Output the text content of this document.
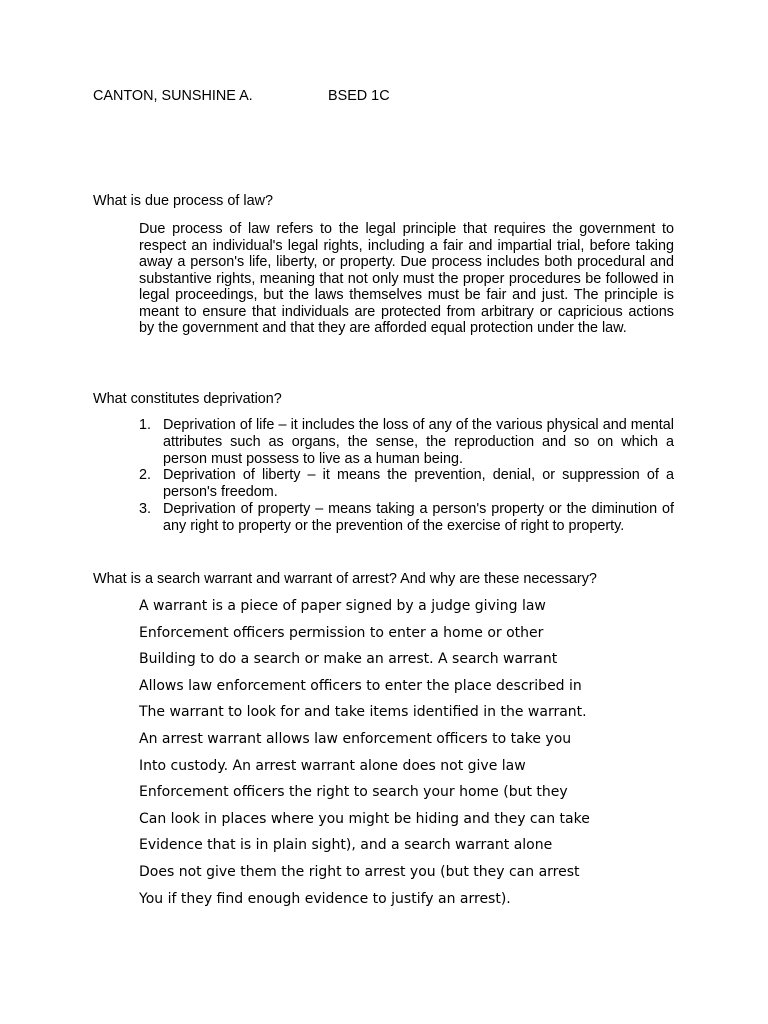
CANTON, SUNSHINE A.	BSED 1C
What is due process of law?
Due process of law refers to the legal principle that requires the government to respect an individual's legal rights, including a fair and impartial trial, before taking away a person's life, liberty, or property. Due process includes both procedural and substantive rights, meaning that not only must the proper procedures be followed in legal proceedings, but the laws themselves must be fair and just. The principle is meant to ensure that individuals are protected from arbitrary or capricious actions by the government and that they are afforded equal protection under the law.
What constitutes deprivation?
1. Deprivation of life – it includes the loss of any of the various physical and mental attributes such as organs, the sense, the reproduction and so on which a person must possess to live as a human being.
2. Deprivation of liberty – it means the prevention, denial, or suppression of a person's freedom.
3. Deprivation of property – means taking a person's property or the diminution of any right to property or the prevention of the exercise of right to property.
What is a search warrant and warrant of arrest? And why are these necessary?
A warrant is a piece of paper signed by a judge giving law
Enforcement officers permission to enter a home or other
Building to do a search or make an arrest. A search warrant
Allows law enforcement officers to enter the place described in
The warrant to look for and take items identified in the warrant.
An arrest warrant allows law enforcement officers to take you
Into custody. An arrest warrant alone does not give law
Enforcement officers the right to search your home (but they
Can look in places where you might be hiding and they can take
Evidence that is in plain sight), and a search warrant alone
Does not give them the right to arrest you (but they can arrest
You if they find enough evidence to justify an arrest).
